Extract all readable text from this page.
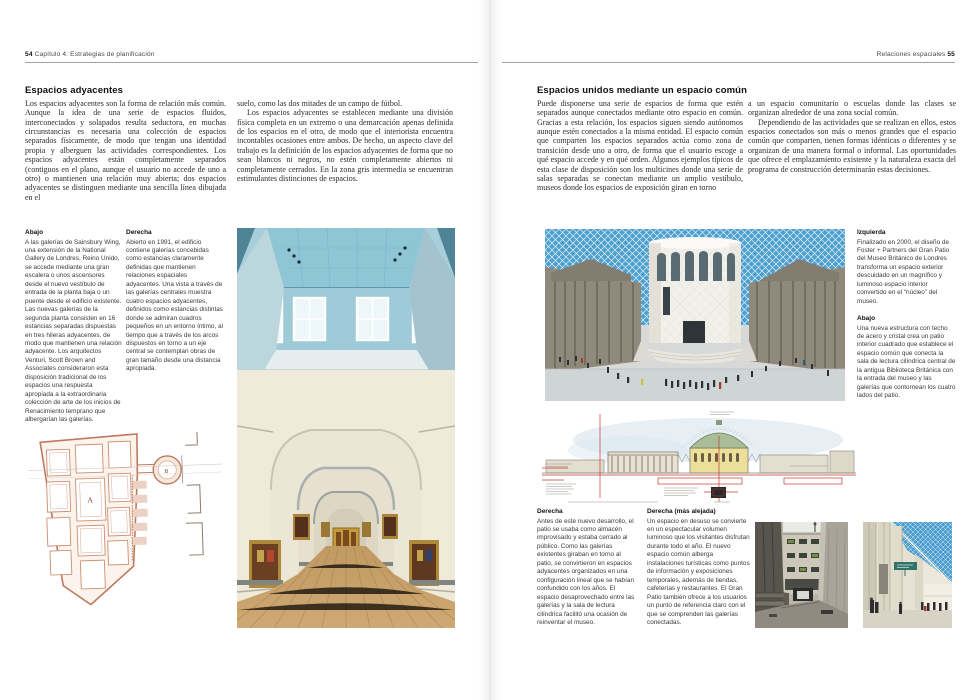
54 Capítulo 4: Estrategias de planificación
Espacios adyacentes

Los espacios adyacentes son la forma de relación más común. Aunque la idea de una serie de espacios fluidos, interconectados y solapados resulta seductora, en muchas circunstancias es necesaria una colección de espacios separados físicamente, de modo que tengan una identidad propia y alberguen las actividades correspondientes. Los espacios adyacentes están completamente separados (contiguos en el plano, aunque el usuario no accede de uno a otro) o mantienen una relación muy abierta; dos espacios adyacentes se distinguen mediante una sencilla línea dibujada en el

suelo, como las dos mitades de un campo de fútbol.

Los espacios adyacentes se establecen mediante una división física completa en un extremo o una demarcación apenas definida de los espacios en el otro, de modo que el interiorista encuentra incontables ocasiones entre ambos. De hecho, un aspecto clave del trabajo es la definición de los espacios adyacentes de forma que no sean blancos ni negros, no estén completamente abiertos ni completamente cerrados. En la zona gris intermedia se encuentran estimulantes distinciones de espacios.

Abajo
A las galerías de Sainsbury Wing, una extensión de la National Gallery de Londres, Reino Unido, se accede mediante una gran escalera o unos ascensores desde el nuevo vestíbulo de entrada de la planta baja o un puente desde el edificio existente. Las nuevas galerías de la segunda planta consisten en 16 estancias separadas dispuestas en tres hileras adyacentes, de modo que mantienen una relación adyacente. Los arquitectos Venturi, Scott Brown and Associates consideraron esta disposición tradicional de los espacios una respuesta apropiada a la extraordinaria colección de arte de los inicios de Renacimiento temprano que albergarían las galerías.
Derecha
Abierto en 1991, el edificio contiene galerías concebidas como estancias claramente definidas que mantienen relaciones espaciales adyacentes. Una vista a través de las galerías centrales muestra cuatro espacios adyacentes, definidos como estancias distintas donde se admiran cuadros pequeños en un entorno íntimo, al tiempo que a través de los arcos dispuestos en torno a un eje central se contemplan obras de gran tamaño desde una distancia apropiada.
A
B
Relaciones espaciales 55
Espacios unidos mediante un espacio común

Puede disponerse una serie de espacios de forma que estén separados aunque conectados mediante otro espacio en común. Gracias a esta relación, los espacios siguen siendo autónomos aunque estén conectados a la misma entidad. El espacio común que comparten los espacios separados actúa como zona de transición desde uno a otro, de forma que el usuario escoge a qué espacio accede y en qué orden. Algunos ejemplos típicos de esta clase de disposición son los multicines donde una serie de salas separadas se conectan mediante un amplio vestíbulo, museos donde los espacios de exposición giran en torno

a un espacio comunitario o escuelas donde las clases se organizan alrededor de una zona social común.

Dependiendo de las actividades que se realizan en ellos, estos espacios conectados son más o menos grandes que el espacio común que comparten, tienen formas idénticas o diferentes y se organizan de una manera formal o informal. Las oportunidades que ofrece el emplazamiento existente y la naturaleza exacta del programa de construcción determinarán estas decisiones.

Izquierda
Finalizado en 2000, el diseño de Foster + Partners del Gran Patio del Museo Británico de Londres transforma un espacio exterior descuidado en un magnífico y luminoso espacio interior convertido en el “núcleo” del museo.
Abajo
Una nueva estructura con techo de acero y cristal crea un patio interior cuadrado que establece el espacio común que conecta la sala de lectura cilíndrica central de la antigua Biblioteca Británica con la entrada del museo y las galerías que contornean los cuatro lados del patio.
Derecha
Antes de este nuevo desarrollo, el patio se usaba como almacén improvisado y estaba cerrado al público. Como las galerías existentes giraban en torno al patio, se convirtieron en espacios adyacentes organizados en una configuración lineal que se habían confundido con los años. El espacio desaprovechado entre las galerías y la sala de lectura cilíndrica facilitó una ocasión de reinventar el museo.
Derecha (más alejada)
Un espacio en desuso se convierte en un espectacular volumen luminoso que los visitantes disfrutan durante todo el año. El nuevo espacio común alberga instalaciones turísticas como puntos de información y exposiciones temporales, además de tiendas, cafeterías y restaurantes. El Gran Patio también ofrece a los usuarios un punto de referencia claro con el que se comprenden las galerías conectadas.
